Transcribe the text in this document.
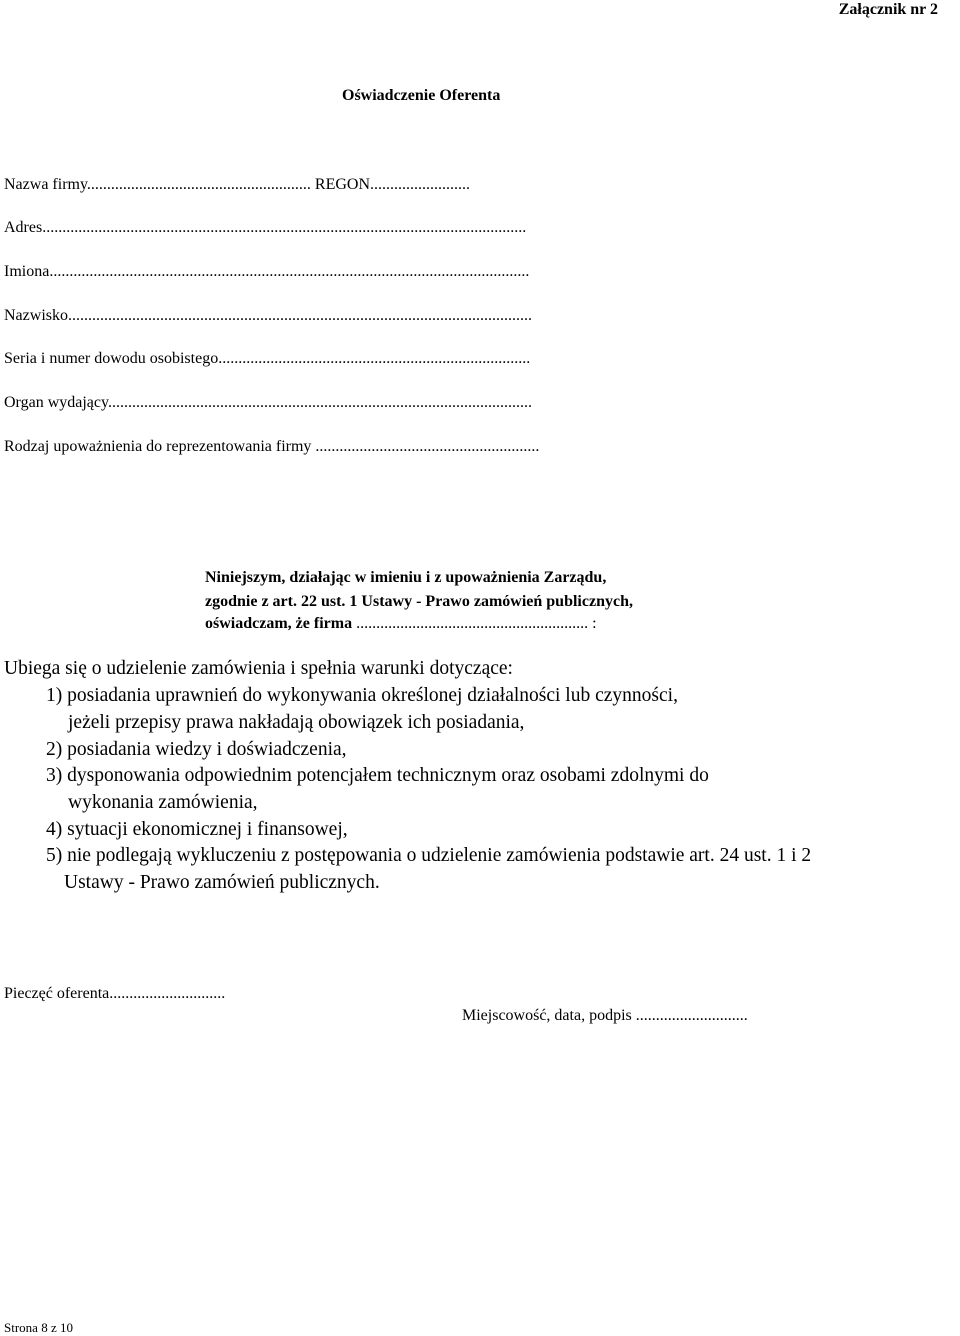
Załącznik nr 2
Oświadczenie Oferenta
Nazwa firmy........................................................ REGON.........................
Adres.........................................................................................................................
Imiona........................................................................................................................
Nazwisko....................................................................................................................
Seria i numer dowodu osobistego..............................................................................
Organ wydający..........................................................................................................
Rodzaj upoważnienia do reprezentowania firmy ........................................................
Niniejszym, działając w imieniu i z upoważnienia Zarządu,
zgodnie z art. 22 ust. 1 Ustawy - Prawo zamówień publicznych,
oświadczam, że firma .......................................................... :
Ubiega się o udzielenie zamówienia i spełnia warunki dotyczące:
1) posiadania uprawnień do wykonywania określonej działalności lub czynności,
jeżeli przepisy prawa nakładają obowiązek ich posiadania,
2) posiadania wiedzy i doświadczenia,
3) dysponowania odpowiednim potencjałem technicznym oraz osobami zdolnymi do
wykonania zamówienia,
4) sytuacji ekonomicznej i finansowej,
5) nie podlegają wykluczeniu z postępowania o udzielenie zamówienia podstawie art. 24 ust. 1 i 2
Ustawy - Prawo zamówień publicznych.
Pieczęć oferenta.............................
Miejscowość, data, podpis ............................
Strona 8 z 10
